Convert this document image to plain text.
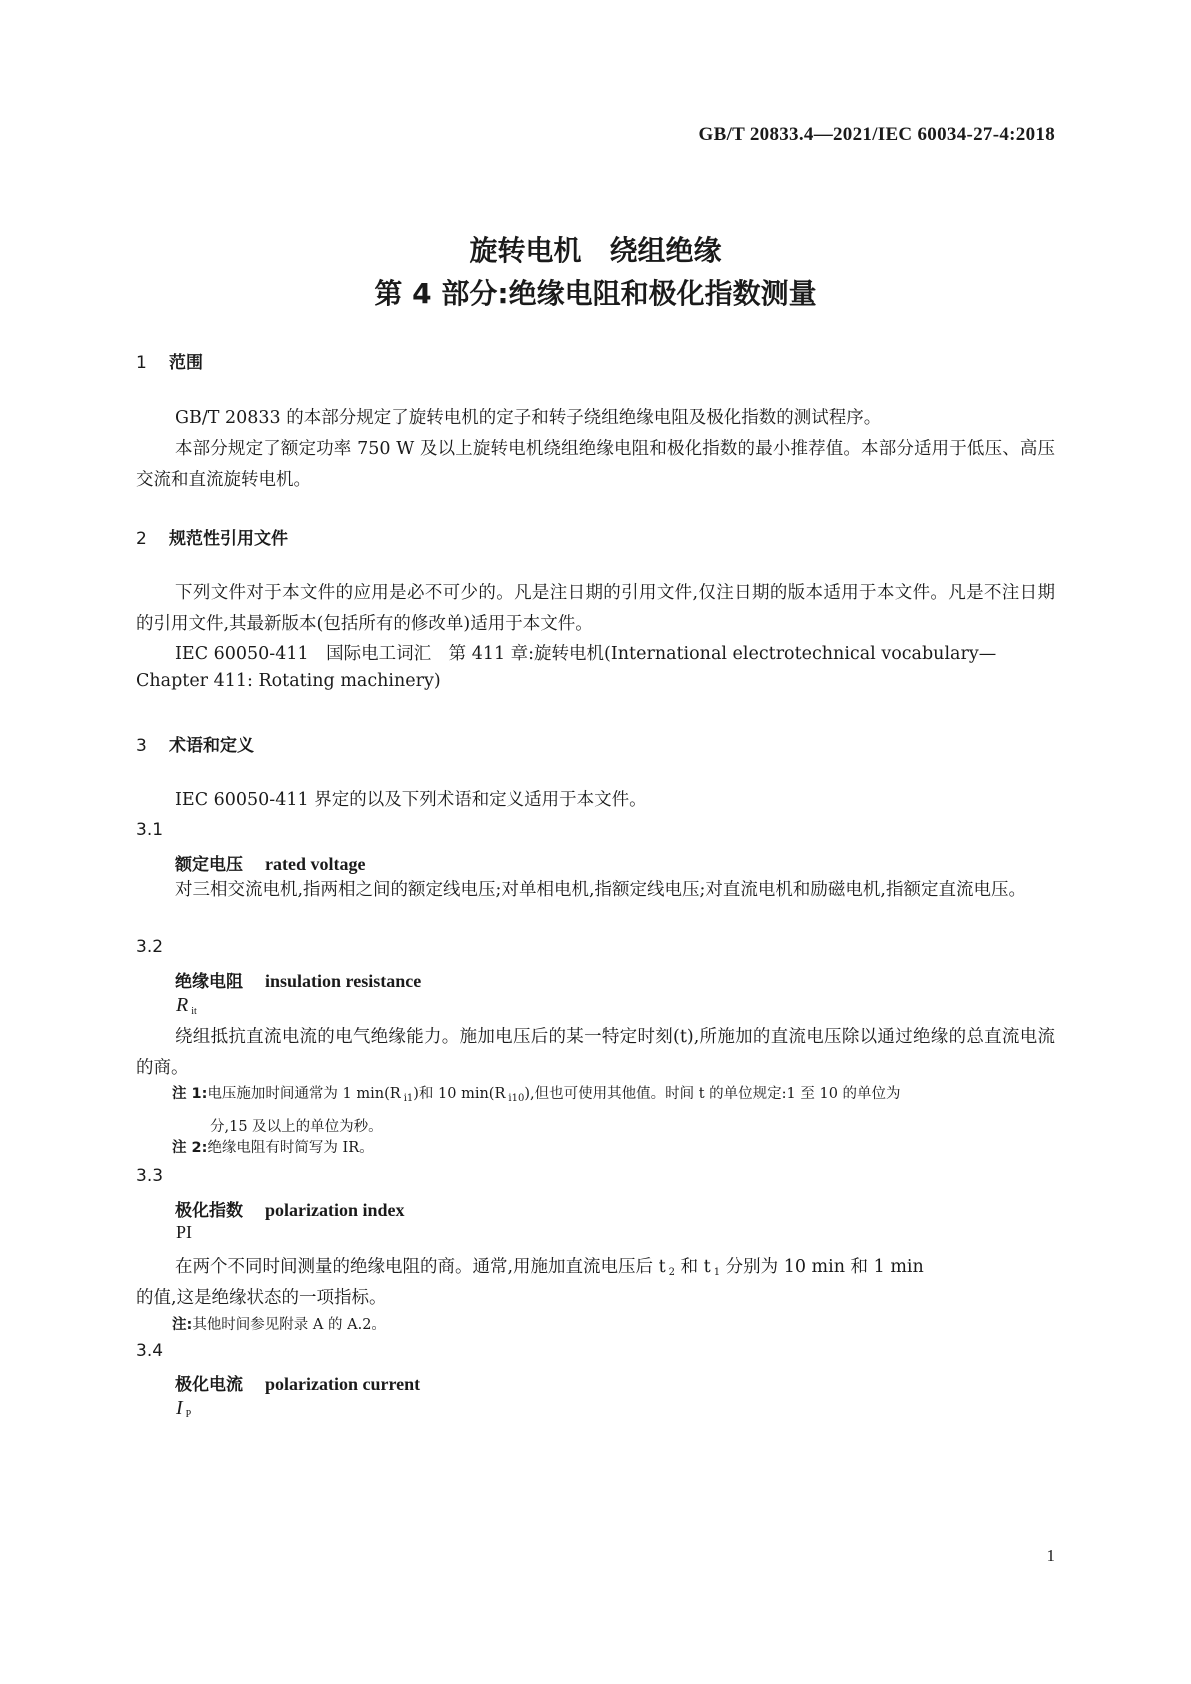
GB/T 20833.4—2021/IEC 60034-27-4:2018
旋转电机　绕组绝缘
第 4 部分:绝缘电阻和极化指数测量
1 范围
GB/T 20833 的本部分规定了旋转电机的定子和转子绕组绝缘电阻及极化指数的测试程序。
本部分规定了额定功率 750 W 及以上旋转电机绕组绝缘电阻和极化指数的最小推荐值。本部分适用于低压、高压交流和直流旋转电机。
2 规范性引用文件
下列文件对于本文件的应用是必不可少的。凡是注日期的引用文件,仅注日期的版本适用于本文件。凡是不注日期的引用文件,其最新版本(包括所有的修改单)适用于本文件。
IEC 60050-411　国际电工词汇　第 411 章:旋转电机(International electrotechnical vocabulary—
Chapter 411: Rotating machinery)
3 术语和定义
IEC 60050-411 界定的以及下列术语和定义适用于本文件。
3.1
额定电压 rated voltage
对三相交流电机,指两相之间的额定线电压;对单相电机,指额定线电压;对直流电机和励磁电机,指额定直流电压。
3.2
绝缘电阻 insulation resistance
R $_{it}$
绕组抵抗直流电流的电气绝缘能力。施加电压后的某一特定时刻(t),所施加的直流电压除以通过绝缘的总直流电流的商。
注 1:电压施加时间通常为 1 min(R $_{i1}$)和 10 min(R $_{i10}$),但也可使用其他值。时间 t 的单位规定:1 至 10 的单位为
分,15 及以上的单位为秒。
注 2:绝缘电阻有时简写为 IR。
3.3
极化指数 polarization index
PI
在两个不同时间测量的绝缘电阻的商。通常,用施加直流电压后 t $_2$ 和 t $_1$ 分别为 10 min 和 1 min
的值,这是绝缘状态的一项指标。
注:其他时间参见附录 A 的 A.2。
3.4
极化电流 polarization current
I $_P$
1
